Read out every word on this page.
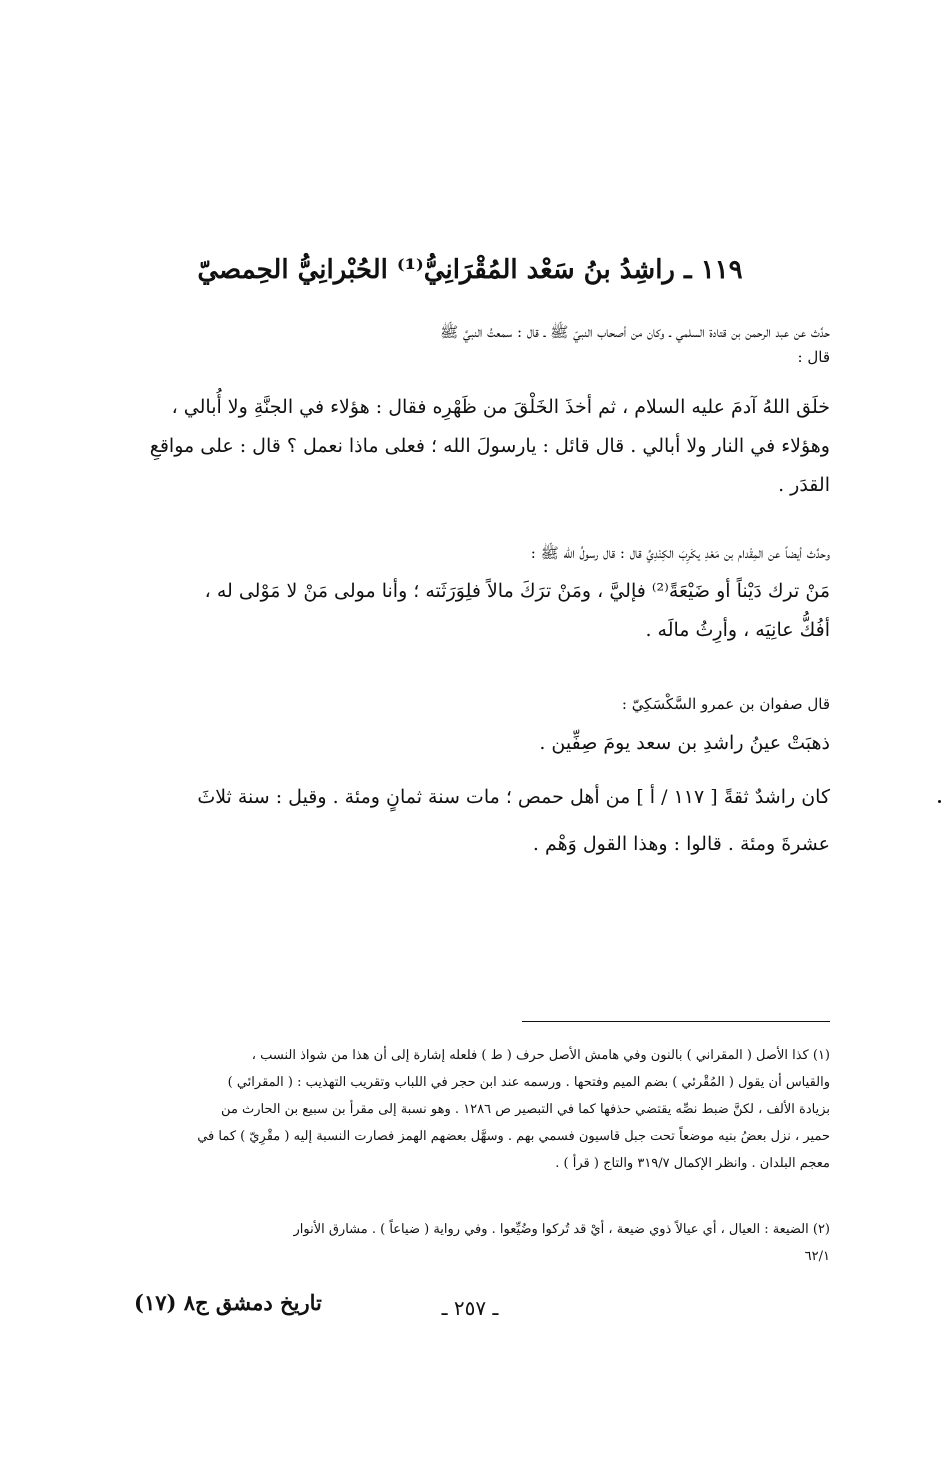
١١٩ ـ راشِدُ بنُ سَعْد المُقْرَانِيُّ⁽¹⁾ الحُبْرانِيُّ الحِمصيّ
حدَّث عن عبد الرحمن بن قتادة السلمي ـ وكان من أصحاب النبيّ ﷺ ـ قال : سمعتُ النبيَّ ﷺ
قال :
خلَق اللهُ آدمَ عليه السلام ، ثم أخذَ الخَلْقَ من ظَهْرِه فقال : هؤلاء في الجنَّةِ ولا أُبالي ،
وهؤلاء في النار ولا أبالي . قال قائل : يارسولَ الله ؛ فعلى ماذا نعمل ؟ قال : على مواقعِ
القدَر .
وحدَّث أيضاً عن المِقْدام بن مَعْدِ يكَرِبَ الكِنْدِيِّ قال : قال رسولُ الله ﷺ :
مَنْ ترك دَيْناً أو ضَيْعَةً⁽²⁾ فإليَّ ، ومَنْ ترَكَ مالاً فلِوَرَثَته ؛ وأنا مولى مَنْ لا مَوْلى له ،
أفُكُّ عانِيَه ، وأرِثُ مالَه .
قال صفوان بن عمرو السَّكْسَكِيّ :
ذهبَتْ عينُ راشدِ بن سعد يومَ صِفِّين .
كان راشدٌ ثقةً [ ١١٧ / أ ] من أهل حمص ؛ مات سنة ثمانٍ ومئة . وقيل : سنة ثلاثَ
عشرةَ ومئة . قالوا : وهذا القول وَهْم .
(١) كذا الأصل ( المقراني ) بالنون وفي هامش الأصل حرف ( ط ) فلعله إشارة إلى أن هذا من شواذ النسب ،
والقياس أن يقول ( المُقْرئي ) بضم الميم وفتحها . ورسمه عند ابن حجر في اللباب وتقريب التهذيب : ( المقرائي )
بزيادة الألف ، لكنَّ ضبط نصِّه يقتضي حذفها كما في التبصير ص ١٢٨٦ . وهو نسبة إلى مقرأ بن سبيع بن الحارث من
حمير ، نزل بعضُ بنيه موضعاً تحت جبل قاسيون فسمي بهم . وسهَّل بعضهم الهمز فصارت النسبة إليه ( مقْرِيّ ) كما في
معجم البلدان . وانظر الإكمال ٣١٩/٧ والتاج ( قرأ ) .
(٢) الضيعة : العيال ، أي عيالاً ذوي ضيعة ، أيْ قد تُركوا وضُيِّعوا . وفي رواية ( ضياعاً ) . مشارق الأنوار
٦٢/١
تاريخ دمشق ج٨ (١٧)	ـ ٢٥٧ ـ
